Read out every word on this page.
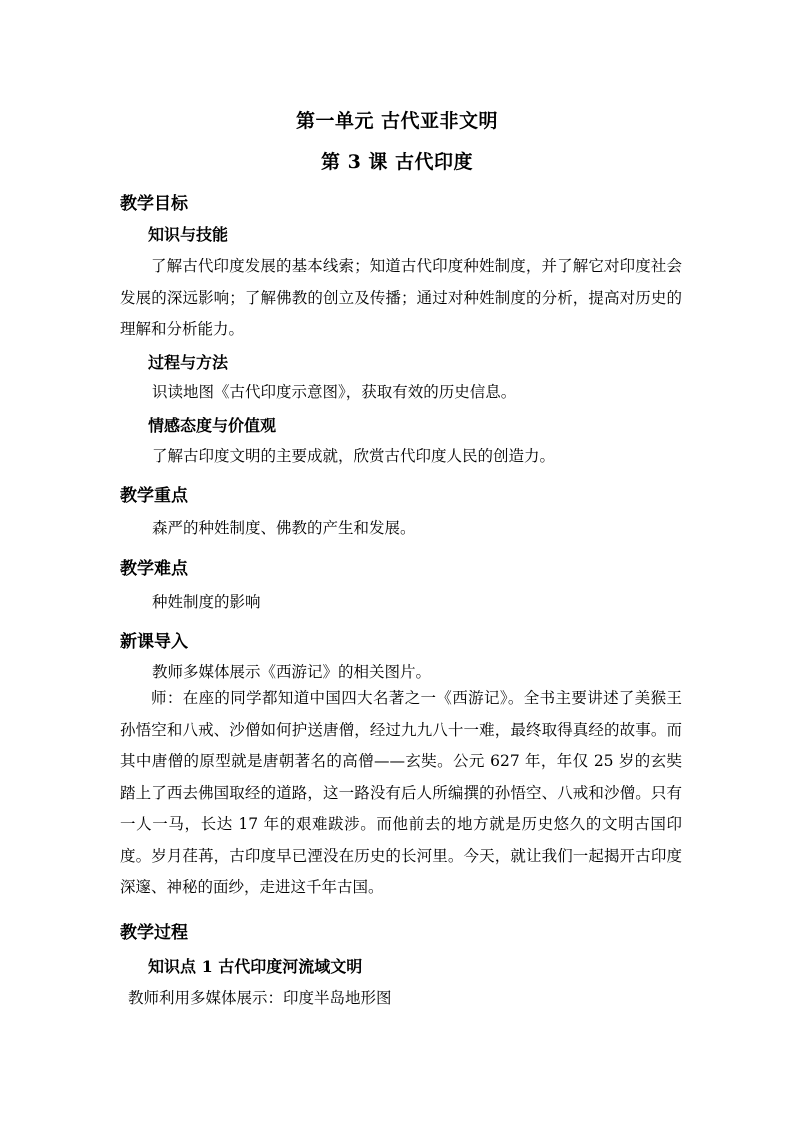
第一单元 古代亚非文明
第 3 课 古代印度
教学目标
知识与技能
了解古代印度发展的基本线索；知道古代印度种姓制度，并了解它对印度社会发展的深远影响；了解佛教的创立及传播；通过对种姓制度的分析，提高对历史的理解和分析能力。
过程与方法
识读地图《古代印度示意图》，获取有效的历史信息。
情感态度与价值观
了解古印度文明的主要成就，欣赏古代印度人民的创造力。
教学重点
森严的种姓制度、佛教的产生和发展。
教学难点
种姓制度的影响
新课导入
教师多媒体展示《西游记》的相关图片。
师：在座的同学都知道中国四大名著之一《西游记》。全书主要讲述了美猴王孙悟空和八戒、沙僧如何护送唐僧，经过九九八十一难，最终取得真经的故事。而其中唐僧的原型就是唐朝著名的高僧——玄奘。公元 627 年，年仅 25 岁的玄奘踏上了西去佛国取经的道路，这一路没有后人所编撰的孙悟空、八戒和沙僧。只有一人一马，长达 17 年的艰难跋涉。而他前去的地方就是历史悠久的文明古国印度。岁月荏苒，古印度早已湮没在历史的长河里。今天，就让我们一起揭开古印度深邃、神秘的面纱，走进这千年古国。
教学过程
知识点 1 古代印度河流域文明
教师利用多媒体展示：印度半岛地形图
